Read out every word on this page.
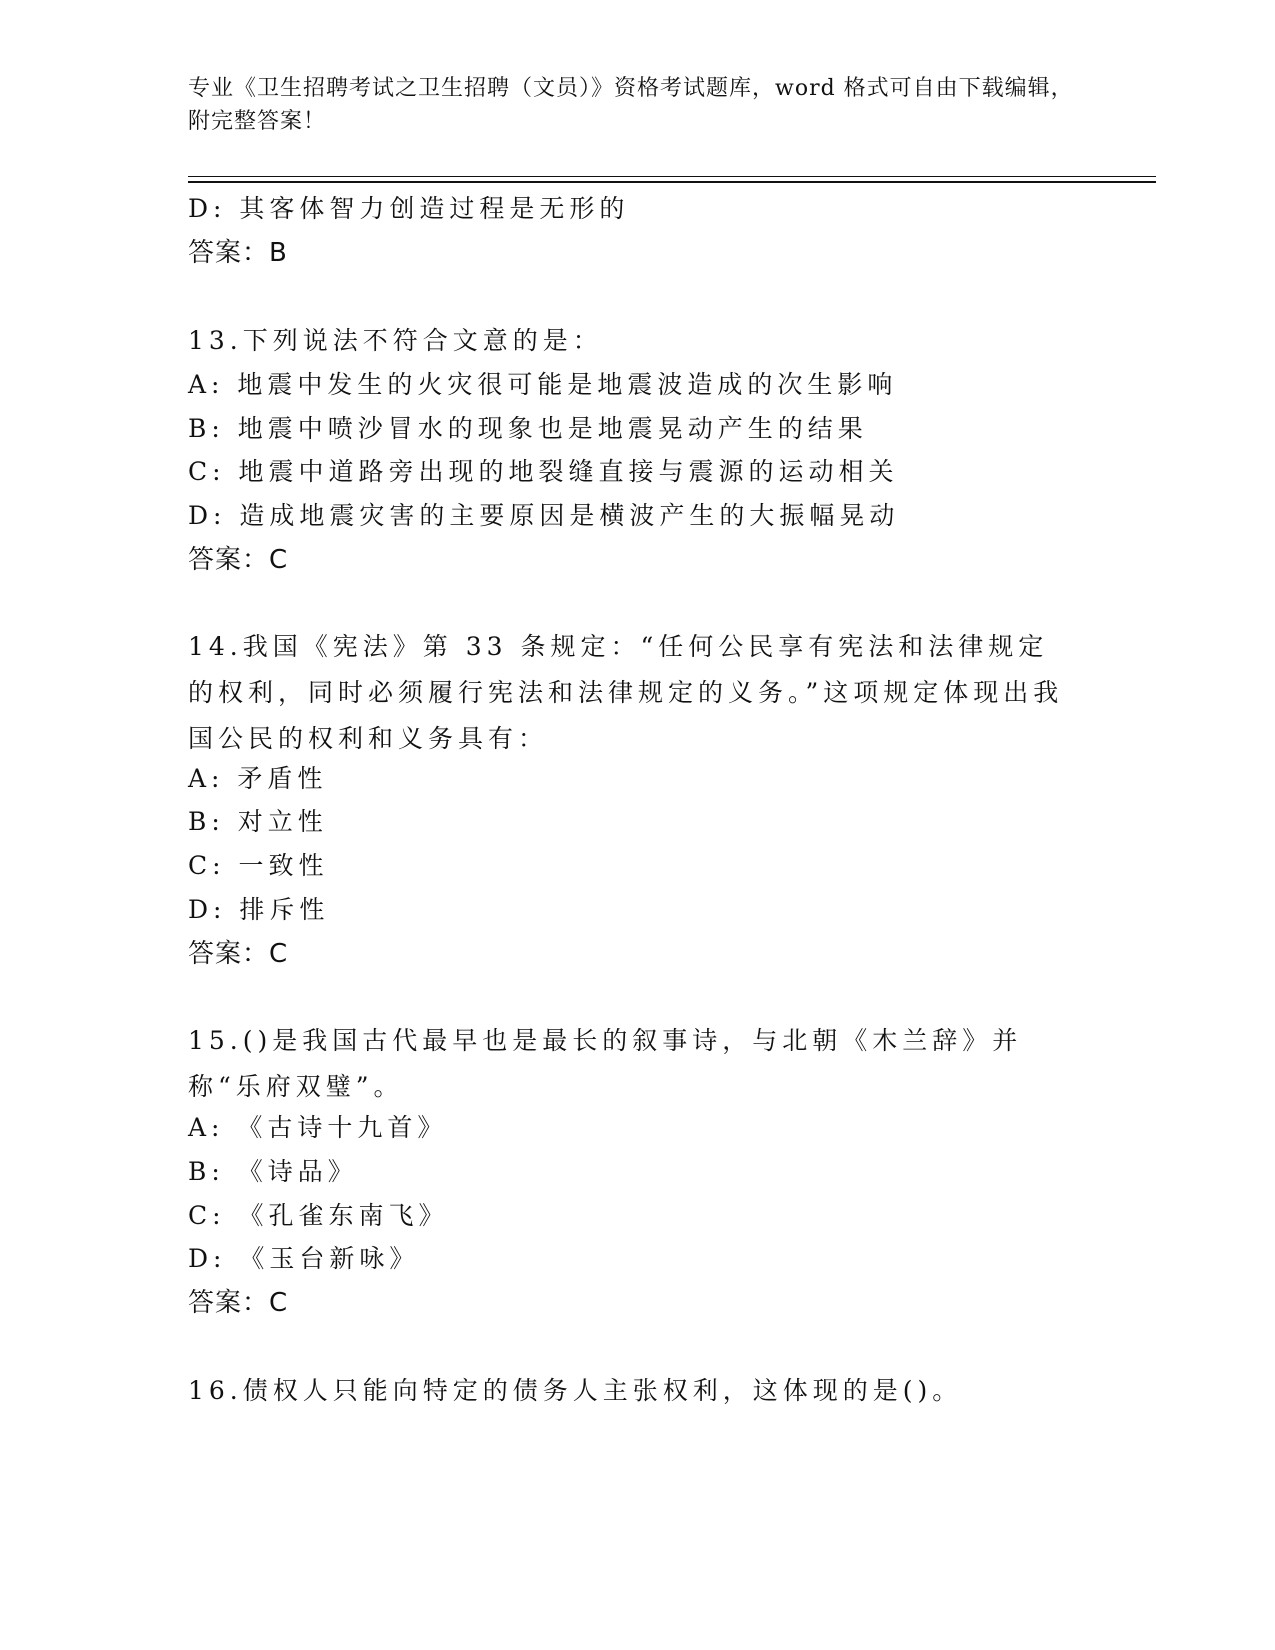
专业《卫生招聘考试之卫生招聘（文员）》资格考试题库，word 格式可自由下载编辑，附完整答案！
D: 其客体智力创造过程是无形的
答案：B
13.下列说法不符合文意的是：
A: 地震中发生的火灾很可能是地震波造成的次生影响
B: 地震中喷沙冒水的现象也是地震晃动产生的结果
C: 地震中道路旁出现的地裂缝直接与震源的运动相关
D: 造成地震灾害的主要原因是横波产生的大振幅晃动
答案：C
14.我国《宪法》第 33 条规定：“任何公民享有宪法和法律规定的权利，同时必须履行宪法和法律规定的义务。”这项规定体现出我国公民的权利和义务具有：
A: 矛盾性
B: 对立性
C: 一致性
D: 排斥性
答案：C
15.()是我国古代最早也是最长的叙事诗，与北朝《木兰辞》并称“乐府双璧”。
A: 《古诗十九首》
B: 《诗品》
C: 《孔雀东南飞》
D: 《玉台新咏》
答案：C
16.债权人只能向特定的债务人主张权利，这体现的是()。
